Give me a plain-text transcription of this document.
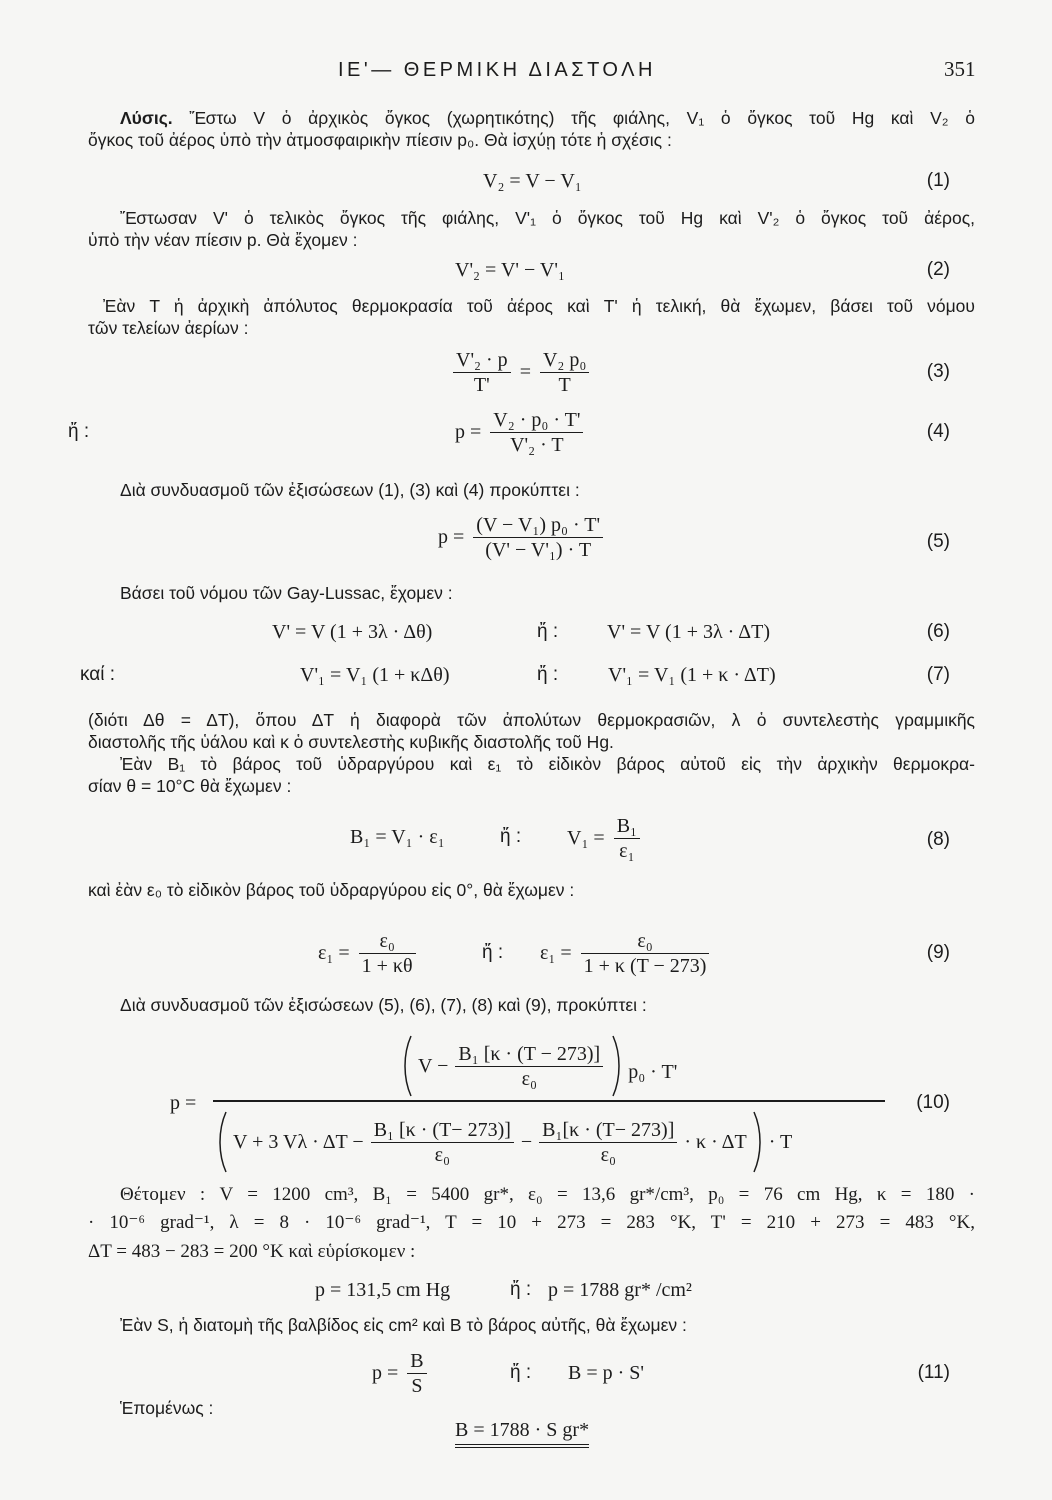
ΙΕ'— ΘΕΡΜΙΚΗ ΔΙΑΣΤΟΛΗ	351
Λύσις. Ἔστω V ὁ ἀρχικὸς ὄγκος (χωρητικότης) τῆς φιάλης, V₁ ὁ ὄγκος τοῦ Hg καὶ V₂ ὁ
ὄγκος τοῦ ἀέρος ὑπὸ τὴν ἀτμοσφαιρικὴν πίεσιν p₀. Θὰ ἰσχύῃ τότε ἡ σχέσις :
V₂ = V − V₁	(1)
Ἔστωσαν V' ὁ τελικὸς ὄγκος τῆς φιάλης, V'₁ ὁ ὄγκος τοῦ Hg καὶ V'₂ ὁ ὄγκος τοῦ ἀέρος,
ὑπὸ τὴν νέαν πίεσιν p. Θὰ ἔχομεν :
V'₂ = V' − V'₁	(2)
Ἐὰν T ἡ ἀρχικὴ ἀπόλυτος θερμοκρασία τοῦ ἀέρος καὶ T' ἡ τελική, θὰ ἔχωμεν, βάσει τοῦ νόμου
τῶν τελείων ἀερίων :
$\frac{\text{V'₂ · p}}{T'} = \frac{\text{V₂ p₀}}{T}$	(3)
ἤ :	$p = \frac{\text{V₂ · p₀ · T'}}{\text{V'₂ · T}}$	(4)
Διὰ συνδυασμοῦ τῶν ἐξισώσεων (1), (3) καὶ (4) προκύπτει :
$p = \frac{\text{(V − V₁) p₀ · T'}}{\text{(V' − V'₁) · T}}$	(5)
Βάσει τοῦ νόμου τῶν Gay-Lussac, ἔχομεν :
V' = V (1 + 3λ · Δθ)	ἤ : V' = V (1 + 3λ · ΔT)	(6)
καί :	V'₁ = V₁ (1 + κΔθ)	ἤ : V'₁ = V₁ (1 + κ · ΔT)	(7)
(διότι Δθ = ΔT), ὅπου ΔT ἡ διαφορὰ τῶν ἀπολύτων θερμοκρασιῶν, λ ὁ συντελεστὴς γραμμικῆς
διαστολῆς τῆς ὑάλου καὶ κ ὁ συντελεστὴς κυβικῆς διαστολῆς τοῦ Hg.
Ἐὰν B₁ τὸ βάρος τοῦ ὑδραργύρου καὶ ε₁ τὸ εἰδικὸν βάρος αὐτοῦ εἰς τὴν ἀρχικὴν θερμοκρα-
σίαν θ = 10°C θὰ ἔχωμεν :
B₁ = V₁ · ε₁	ἤ : $V_1 = \frac{\text{B₁}}{\text{ε₁}}$	(8)
καὶ ἐὰν ε₀ τὸ εἰδικὸν βάρος τοῦ ὑδραργύρου εἰς 0°, θὰ ἔχωμεν :
$\varepsilon_1 = \frac{\text{ε₀}}{1 + \kappa\theta}$	ἤ : $\varepsilon_1 = \frac{\text{ε₀}}{1 + \kappa (T - 273)}$	(9)
Διὰ συνδυασμοῦ τῶν ἐξισώσεων (5), (6), (7), (8) καὶ (9), προκύπτει :
p =
$V - \frac{\text{B₁ [κ · (T − 273)]}}{\text{ε₀}} p_0 \cdot T'$
V + 3 $V\lambda \cdot \Delta T - \frac{\text{B₁ [κ · (T− 273)]}}{\text{ε₀}} - \frac{\text{B₁[κ · (T− 273)]}}{\text{ε₀}} \cdot \kappa \cdot \Delta T \cdot T$
(10)
Θέτομεν : V = 1200 cm³, B₁ = 5400 gr*, ε₀ = 13,6 gr*/cm³, p₀ = 76 cm Hg, κ = 180 ·
· 10⁻⁶ grad⁻¹, λ = 8 · 10⁻⁶ grad⁻¹, T = 10 + 273 = 283 °K, T' = 210 + 273 = 483 °K,
ΔT = 483 − 283 = 200 °K καὶ εὑρίσκομεν :
p = 131,5 cm Hg	ἤ : p = 1788 gr* /cm²
Ἐὰν S, ἡ διατομὴ τῆς βαλβίδος εἰς cm² καὶ B τὸ βάρος αὐτῆς, θὰ ἔχωμεν :
$p = \frac{B}{S}$	ἤ : B = p · S'	(11)
Ἑπομένως :
B = 1788 · S gr*
